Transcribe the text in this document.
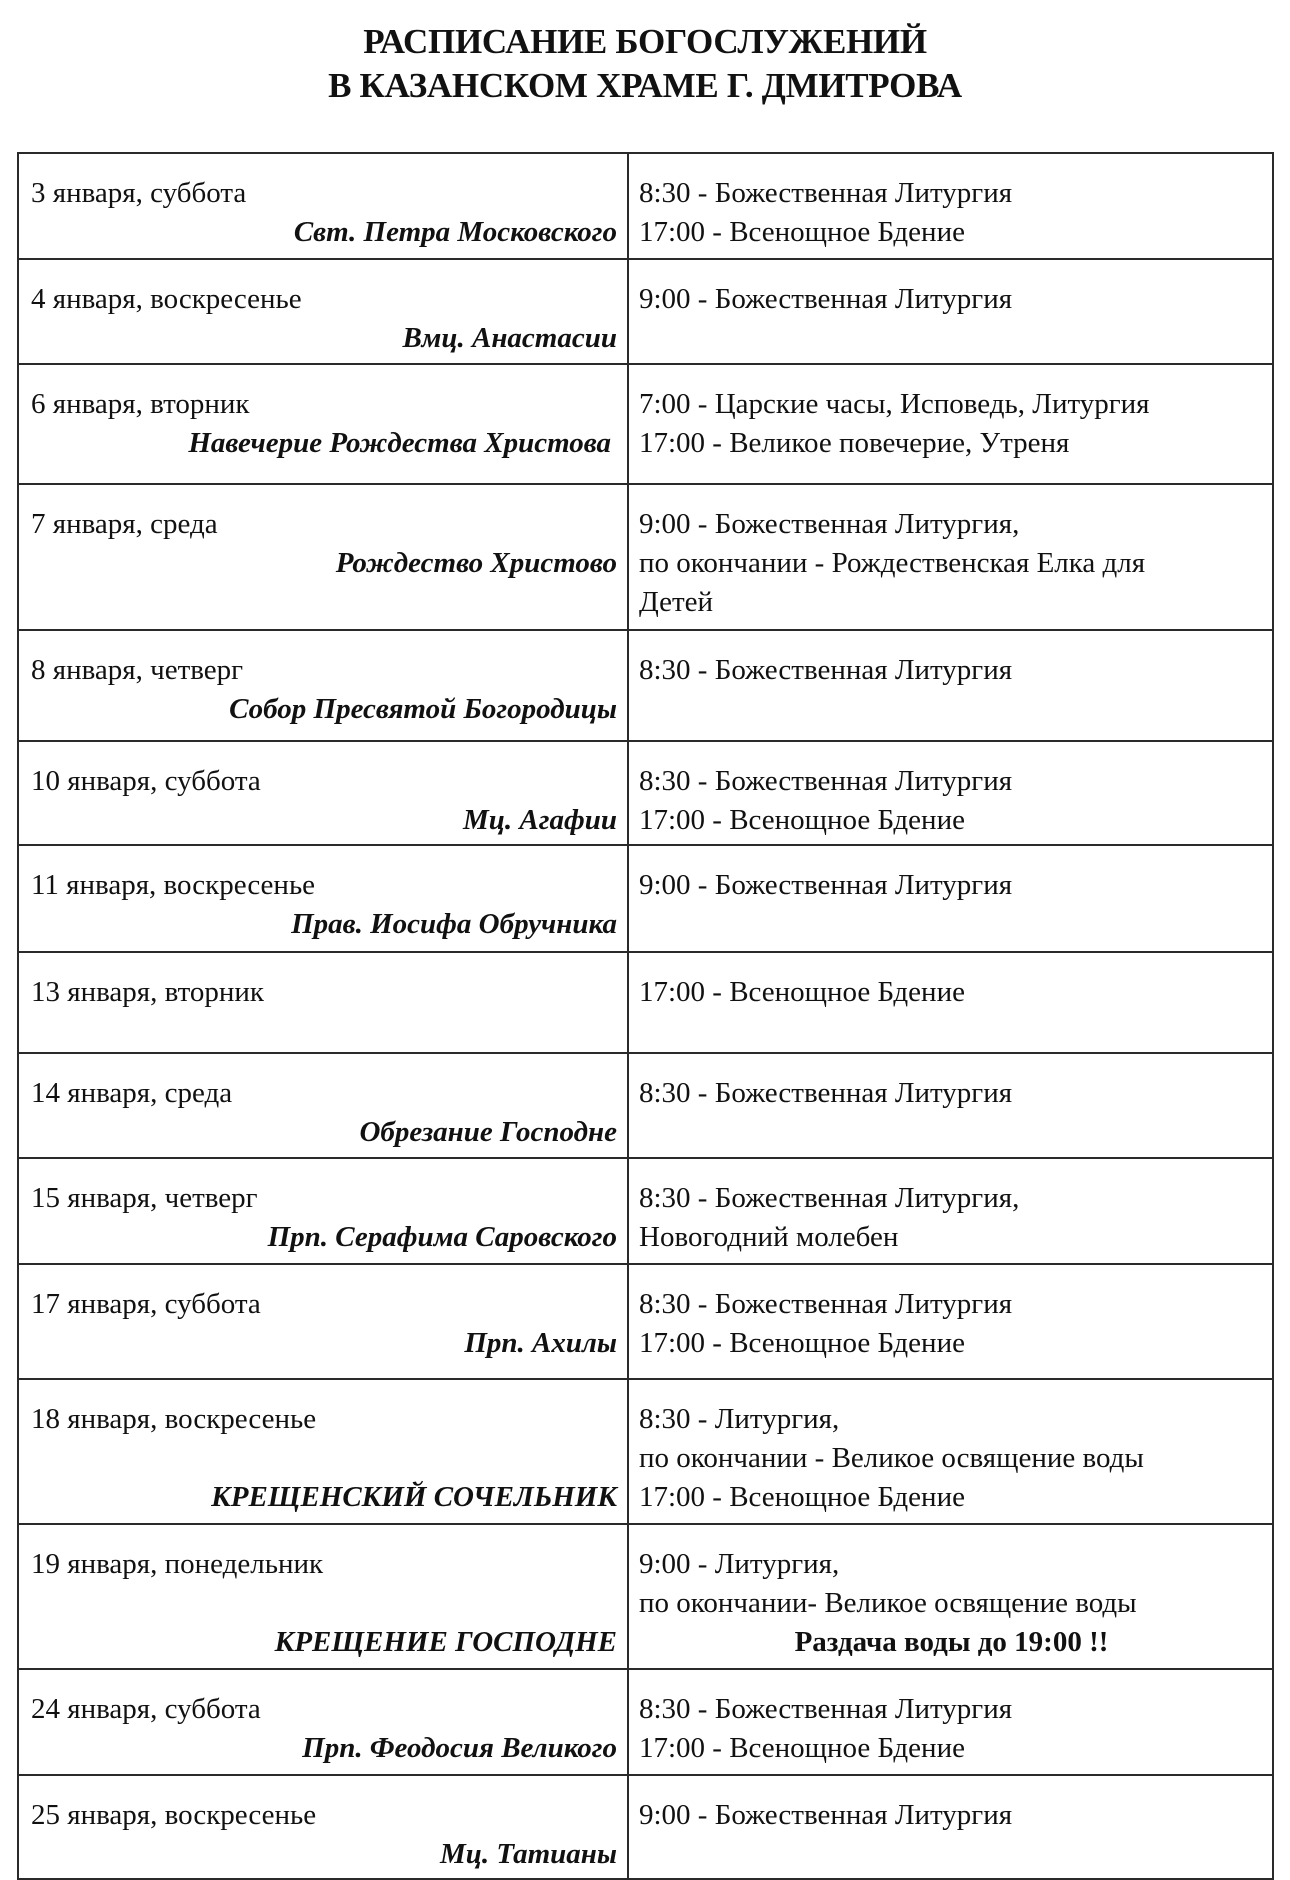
РАСПИСАНИЕ БОГОСЛУЖЕНИЙ
В КАЗАНСКОМ ХРАМЕ Г. ДМИТРОВА
3 января, суббота
Свт. Петра Московского	8:30 - Божественная Литургия
17:00 - Всенощное Бдение

4 января, воскресенье
Вмц. Анастасии	9:00 - Божественная Литургия

6 января, вторник
Навечерие Рождества Христова	7:00 - Царские часы, Исповедь, Литургия
17:00 - Великое повечерие, Утреня

7 января, среда
Рождество Христово	9:00 - Божественная Литургия,
по окончании - Рождественская Елка для
Детей

8 января, четверг
Собор Пресвятой Богородицы	8:30 - Божественная Литургия

10 января, суббота
Мц. Агафии	8:30 - Божественная Литургия
17:00 - Всенощное Бдение

11 января, воскресенье
Прав. Иосифа Обручника	9:00 - Божественная Литургия

13 января, вторник	17:00 - Всенощное Бдение

14 января, среда
Обрезание Господне	8:30 - Божественная Литургия

15 января, четверг
Прп. Серафима Саровского	8:30 - Божественная Литургия,
Новогодний молебен

17 января, суббота
Прп. Ахилы	8:30 - Божественная Литургия
17:00 - Всенощное Бдение

18 января, воскресенье
КРЕЩЕНСКИЙ СОЧЕЛЬНИК	8:30 - Литургия,
по окончании - Великое освящение воды
17:00 - Всенощное Бдение

19 января, понедельник
КРЕЩЕНИЕ ГОСПОДНЕ	9:00 - Литургия,
по окончании- Великое освящение воды
Раздача воды до 19:00 !!

24 января, суббота
Прп. Феодосия Великого	8:30 - Божественная Литургия
17:00 - Всенощное Бдение

25 января, воскресенье
Мц. Татианы	9:00 - Божественная Литургия
